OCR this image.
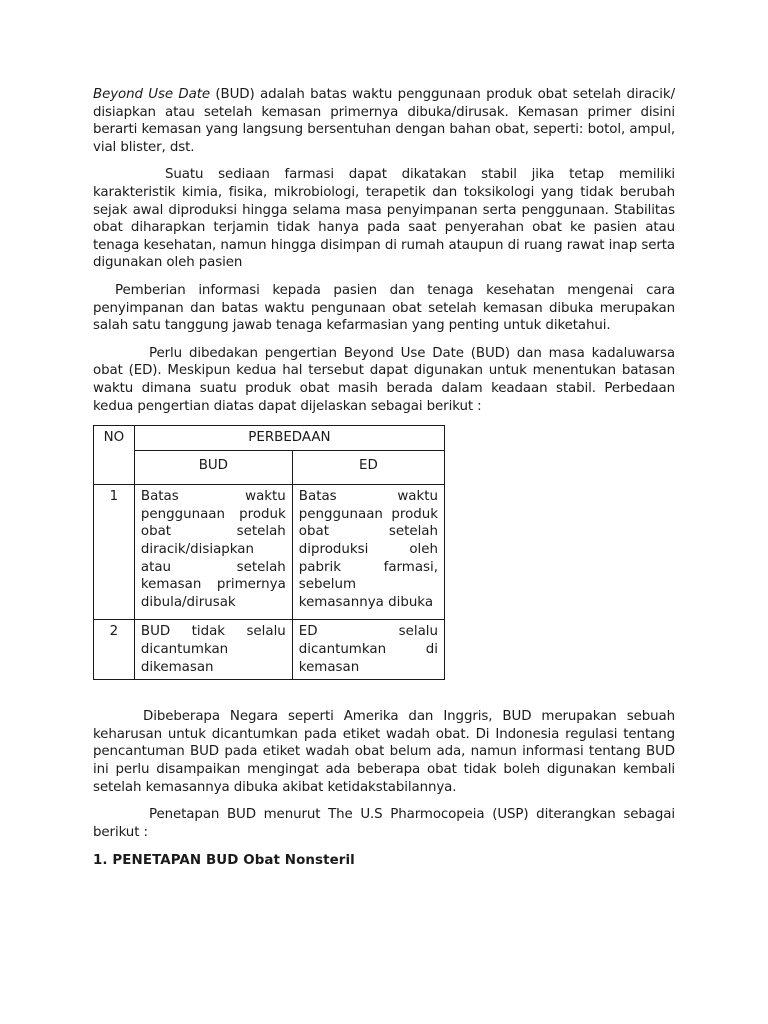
Beyond Use Date (BUD) adalah batas waktu penggunaan produk obat setelah diracik/ disiapkan atau setelah kemasan primernya dibuka/dirusak. Kemasan primer disini berarti kemasan yang langsung bersentuhan dengan bahan obat, seperti: botol, ampul, vial blister, dst.

Suatu sediaan farmasi dapat dikatakan stabil jika tetap memiliki karakteristik kimia, fisika, mikrobiologi, terapetik dan toksikologi yang tidak berubah sejak awal diproduksi hingga selama masa penyimpanan serta penggunaan. Stabilitas obat diharapkan terjamin tidak hanya pada saat penyerahan obat ke pasien atau tenaga kesehatan, namun hingga disimpan di rumah ataupun di ruang rawat inap serta digunakan oleh pasien

Pemberian informasi kepada pasien dan tenaga kesehatan mengenai cara penyimpanan dan batas waktu pengunaan obat setelah kemasan dibuka merupakan salah satu tanggung jawab tenaga kefarmasian yang penting untuk diketahui.

Perlu dibedakan pengertian Beyond Use Date (BUD) dan masa kadaluwarsa obat (ED). Meskipun kedua hal tersebut dapat digunakan untuk menentukan batasan waktu dimana suatu produk obat masih berada dalam keadaan stabil. Perbedaan kedua pengertian diatas dapat dijelaskan sebagai berikut :

NO	PERBEDAAN	
	BUD	ED
1	Batas waktu penggunaan produk obat setelah diracik/disiapkan atau setelah kemasan primernya dibula/dirusak	Batas waktu penggunaan produk obat setelah diproduksi oleh pabrik farmasi, sebelum kemasannya dibuka
2	BUD tidak selalu dicantumkan dikemasan	ED selalu dicantumkan di kemasan

Dibeberapa Negara seperti Amerika dan Inggris, BUD merupakan sebuah keharusan untuk dicantumkan pada etiket wadah obat. Di Indonesia regulasi tentang pencantuman BUD pada etiket wadah obat belum ada, namun informasi tentang BUD ini perlu disampaikan mengingat ada beberapa obat tidak boleh digunakan kembali setelah kemasannya dibuka akibat ketidakstabilannya.

Penetapan BUD menurut The U.S Pharmocopeia (USP) diterangkan sebagai berikut :

1. PENETAPAN BUD Obat Nonsteril
